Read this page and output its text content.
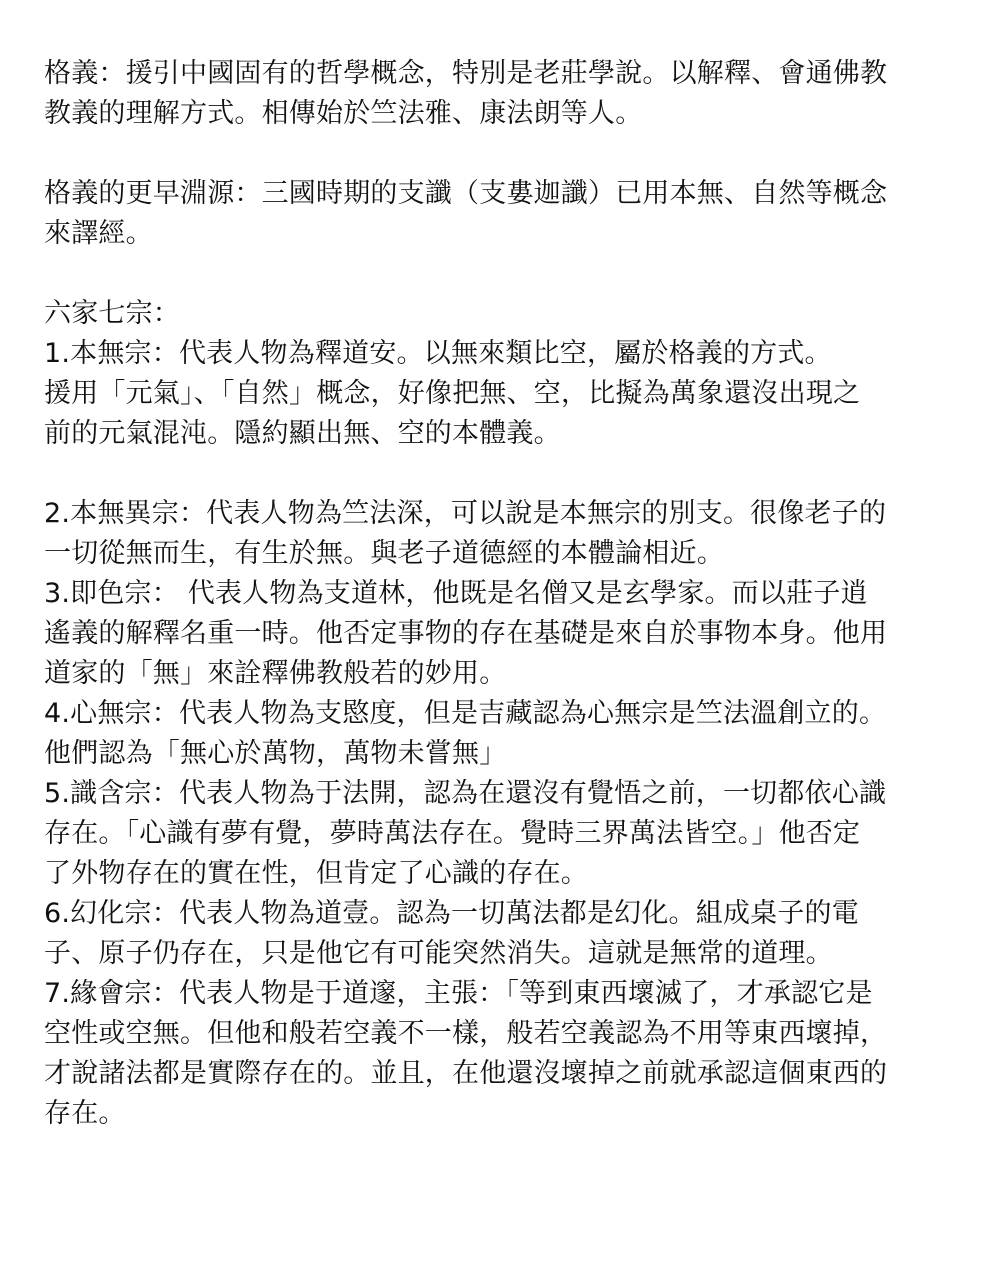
格義：援引中國固有的哲學概念，特別是老莊學說。以解釋、會通佛教
教義的理解方式。相傳始於竺法雅、康法朗等人。
格義的更早淵源：三國時期的支讖（支婁迦讖）已用本無、自然等概念
來譯經。
六家七宗：
1.本無宗：代表人物為釋道安。以無來類比空，屬於格義的方式。
援用「元氣」、「自然」概念，好像把無、空，比擬為萬象還沒出現之
前的元氣混沌。隱約顯出無、空的本體義。
2.本無異宗：代表人物為竺法深，可以說是本無宗的別支。很像老子的
一切從無而生，有生於無。與老子道德經的本體論相近。
3.即色宗： 代表人物為支道林，他既是名僧又是玄學家。而以莊子逍
遙義的解釋名重一時。他否定事物的存在基礎是來自於事物本身。他用
道家的「無」來詮釋佛教般若的妙用。
4.心無宗：代表人物為支愍度，但是吉藏認為心無宗是竺法溫創立的。
他們認為「無心於萬物，萬物未嘗無」
5.識含宗：代表人物為于法開，認為在還沒有覺悟之前，一切都依心識
存在。「心識有夢有覺，夢時萬法存在。覺時三界萬法皆空。」他否定
了外物存在的實在性，但肯定了心識的存在。
6.幻化宗：代表人物為道壹。認為一切萬法都是幻化。組成桌子的電
子、原子仍存在，只是他它有可能突然消失。這就是無常的道理。
7.緣會宗：代表人物是于道邃，主張：「等到東西壞滅了，才承認它是
空性或空無。但他和般若空義不一樣，般若空義認為不用等東西壞掉，
才說諸法都是實際存在的。並且，在他還沒壞掉之前就承認這個東西的
存在。
